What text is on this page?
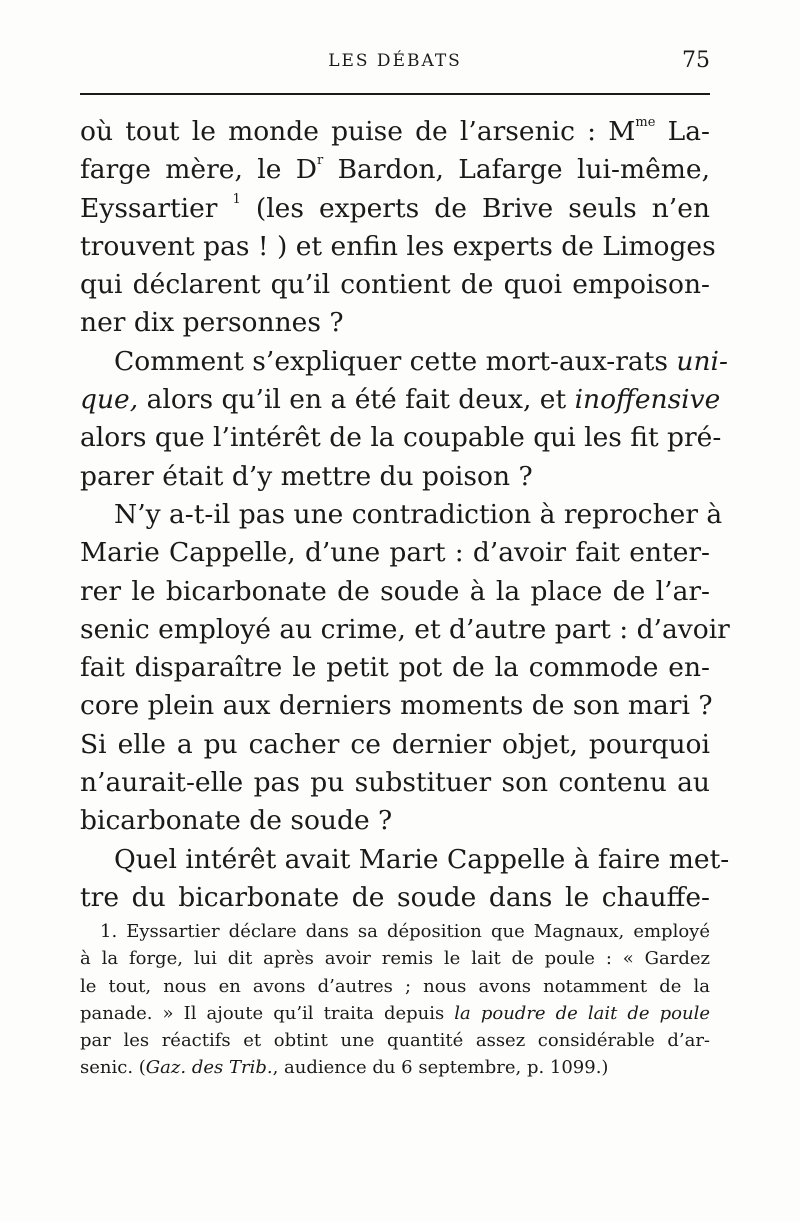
LES DÉBATS	75
où tout le monde puise de l’arsenic : $M^{me}$ La-
farge mère, le $D^r$ Bardon, Lafarge lui-même,
Eyssartier $^1$ (les experts de Brive seuls n’en
trouvent pas ! ) et enfin les experts de Limoges
qui déclarent qu’il contient de quoi empoison-
ner dix personnes ?
Comment s’expliquer cette mort-aux-rats uni-
que, alors qu’il en a été fait deux, et inoffensive
alors que l’intérêt de la coupable qui les fit pré-
parer était d’y mettre du poison ?
N’y a-t-il pas une contradiction à reprocher à
Marie Cappelle, d’une part : d’avoir fait enter-
rer le bicarbonate de soude à la place de l’ar-
senic employé au crime, et d’autre part : d’avoir
fait disparaître le petit pot de la commode en-
core plein aux derniers moments de son mari ?
Si elle a pu cacher ce dernier objet, pourquoi
n’aurait-elle pas pu substituer son contenu au
bicarbonate de soude ?
Quel intérêt avait Marie Cappelle à faire met-
tre du bicarbonate de soude dans le chauffe-
1. Eyssartier déclare dans sa déposition que Magnaux, employé
à la forge, lui dit après avoir remis le lait de poule : « Gardez
le tout, nous en avons d’autres ; nous avons notamment de la
panade. » Il ajoute qu’il traita depuis la poudre de lait de poule
par les réactifs et obtint une quantité assez considérable d’ar-
senic. (Gaz. des Trib., audience du 6 septembre, p. 1099.)
